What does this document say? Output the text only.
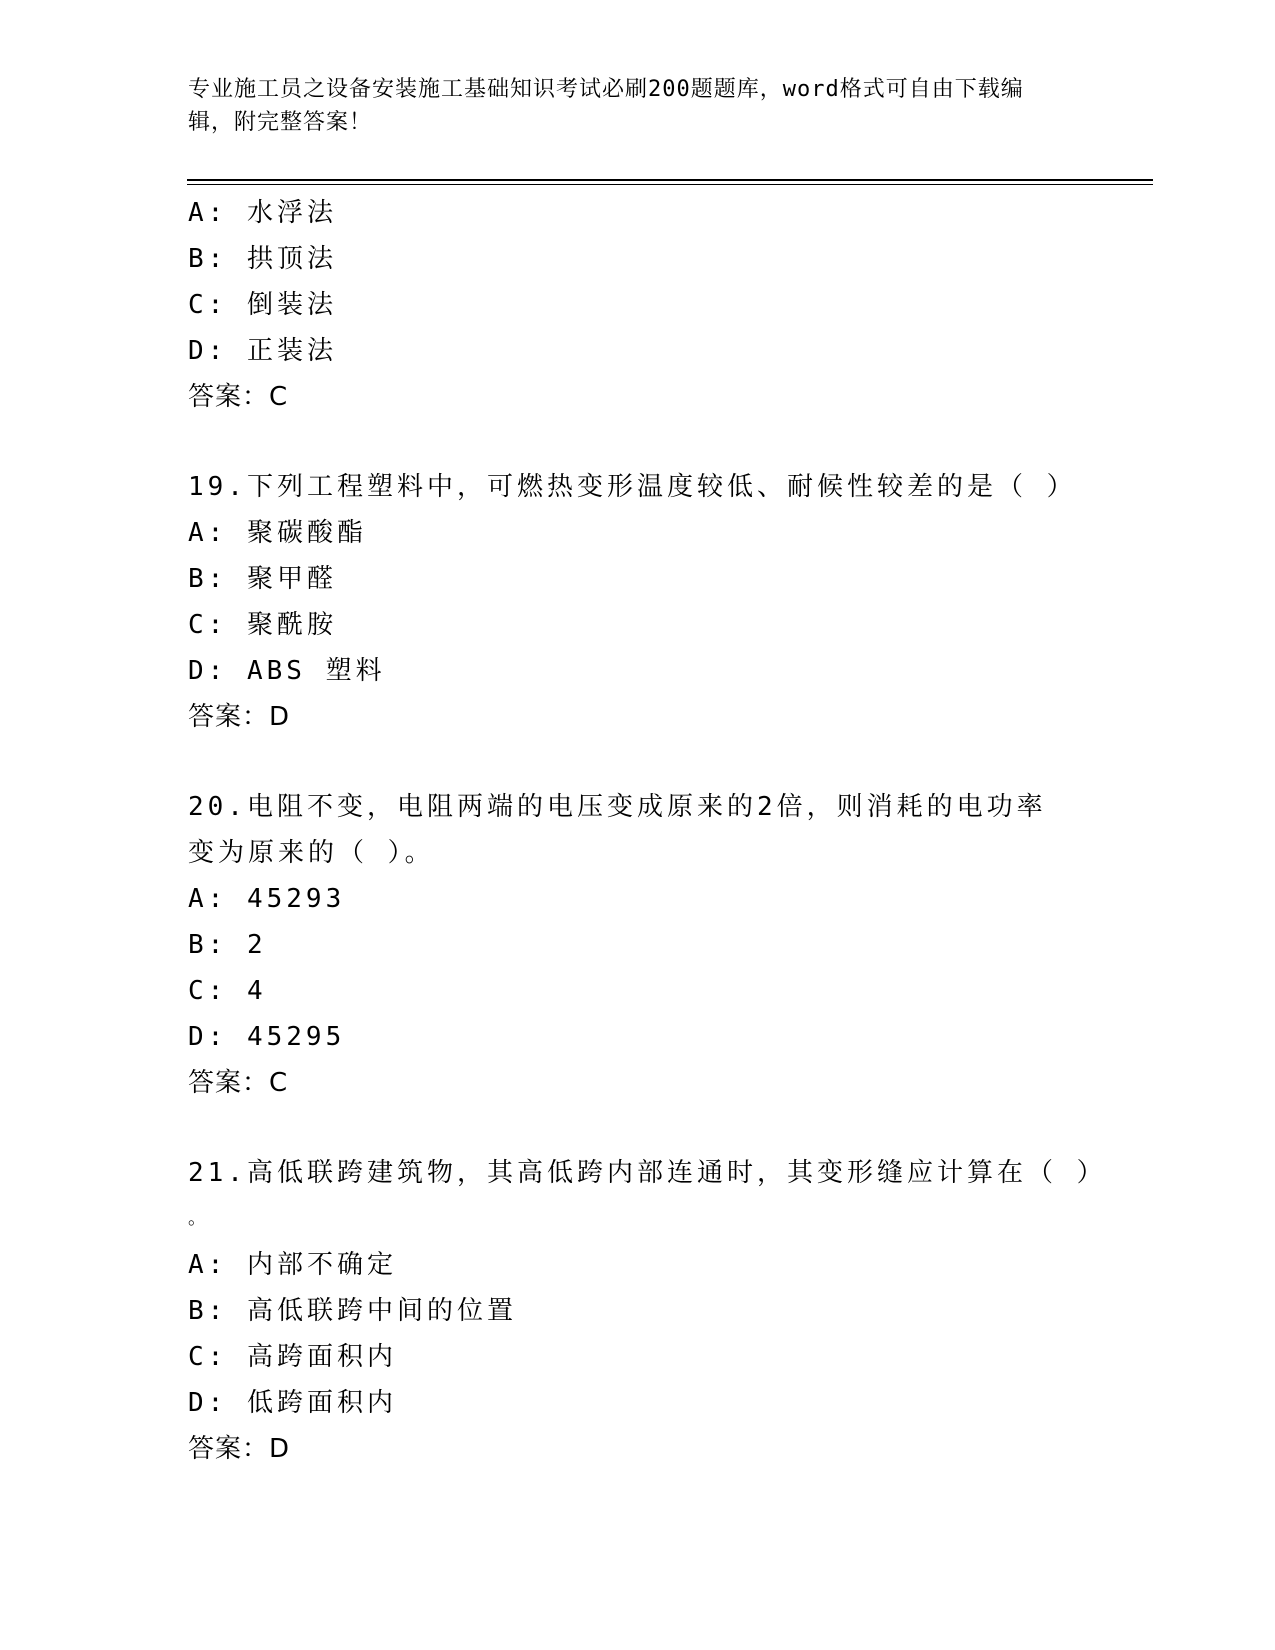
专业施工员之设备安装施工基础知识考试必刷200题题库，word格式可自由下载编辑，附完整答案！
A: 水浮法
B: 拱顶法
C: 倒装法
D: 正装法
答案：C
19.下列工程塑料中，可燃热变形温度较低、耐候性较差的是（ ）
A: 聚碳酸酯
B: 聚甲醛
C: 聚酰胺
D: ABS 塑料
答案：D
20.电阻不变，电阻两端的电压变成原来的2倍，则消耗的电功率变为原来的（ ）。
A: 45293
B: 2
C: 4
D: 45295
答案：C
21.高低联跨建筑物，其高低跨内部连通时，其变形缝应计算在（ ）
。
A: 内部不确定
B: 高低联跨中间的位置
C: 高跨面积内
D: 低跨面积内
答案：D
